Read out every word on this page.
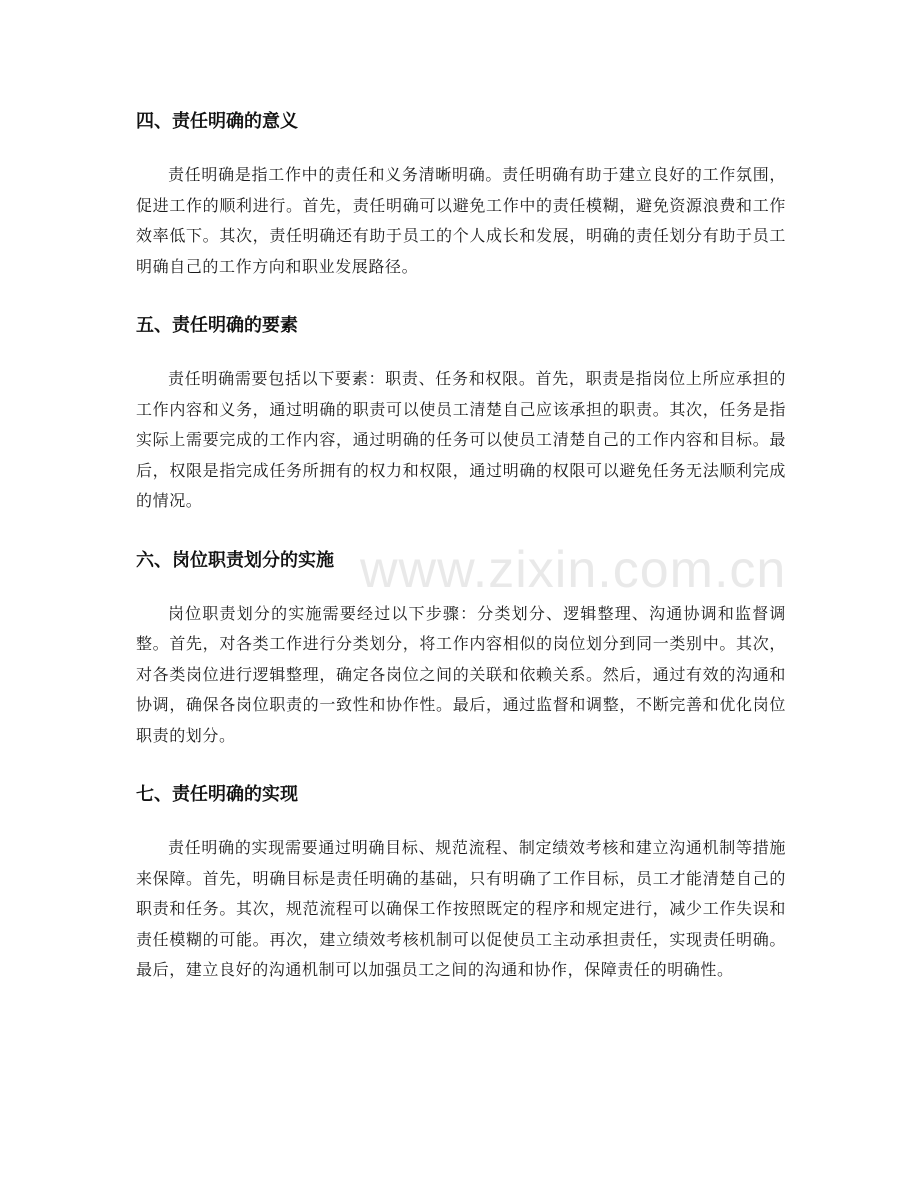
四、责任明确的意义

责任明确是指工作中的责任和义务清晰明确。责任明确有助于建立良好的工作氛围，促进工作的顺利进行。首先，责任明确可以避免工作中的责任模糊，避免资源浪费和工作效率低下。其次，责任明确还有助于员工的个人成长和发展，明确的责任划分有助于员工明确自己的工作方向和职业发展路径。

五、责任明确的要素

责任明确需要包括以下要素：职责、任务和权限。首先，职责是指岗位上所应承担的工作内容和义务，通过明确的职责可以使员工清楚自己应该承担的职责。其次，任务是指实际上需要完成的工作内容，通过明确的任务可以使员工清楚自己的工作内容和目标。最后，权限是指完成任务所拥有的权力和权限，通过明确的权限可以避免任务无法顺利完成的情况。

六、岗位职责划分的实施

岗位职责划分的实施需要经过以下步骤：分类划分、逻辑整理、沟通协调和监督调整。首先，对各类工作进行分类划分，将工作内容相似的岗位划分到同一类别中。其次，对各类岗位进行逻辑整理，确定各岗位之间的关联和依赖关系。然后，通过有效的沟通和协调，确保各岗位职责的一致性和协作性。最后，通过监督和调整，不断完善和优化岗位职责的划分。

七、责任明确的实现

责任明确的实现需要通过明确目标、规范流程、制定绩效考核和建立沟通机制等措施来保障。首先，明确目标是责任明确的基础，只有明确了工作目标，员工才能清楚自己的职责和任务。其次，规范流程可以确保工作按照既定的程序和规定进行，减少工作失误和责任模糊的可能。再次，建立绩效考核机制可以促使员工主动承担责任，实现责任明确。最后，建立良好的沟通机制可以加强员工之间的沟通和协作，保障责任的明确性。

www.zixin.com.cn
